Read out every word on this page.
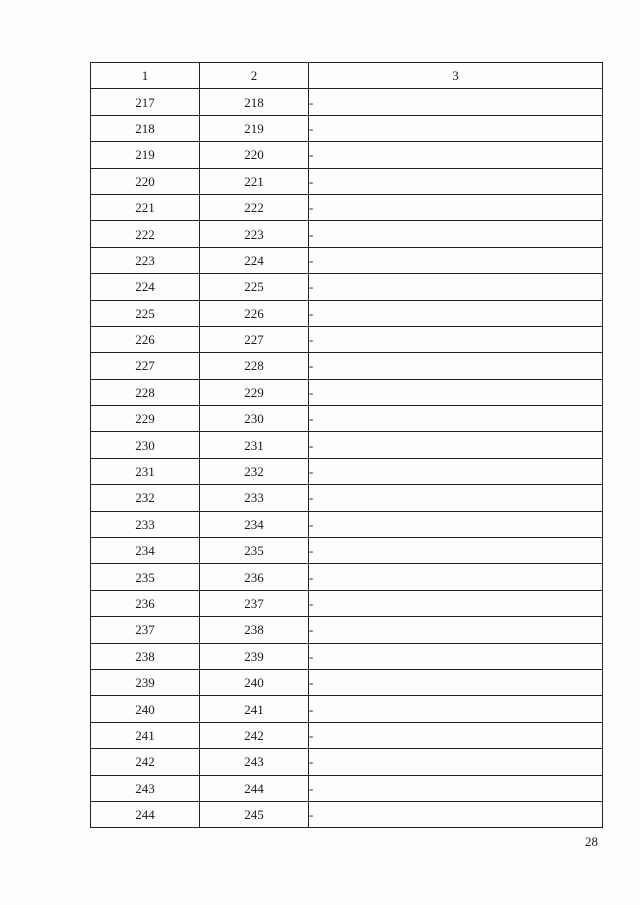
1	2	3
217	218	-
218	219	-
219	220	-
220	221	-
221	222	-
222	223	-
223	224	-
224	225	-
225	226	-
226	227	-
227	228	-
228	229	-
229	230	-
230	231	-
231	232	-
232	233	-
233	234	-
234	235	-
235	236	-
236	237	-
237	238	-
238	239	-
239	240	-
240	241	-
241	242	-
242	243	-
243	244	-
244	245	-
28
